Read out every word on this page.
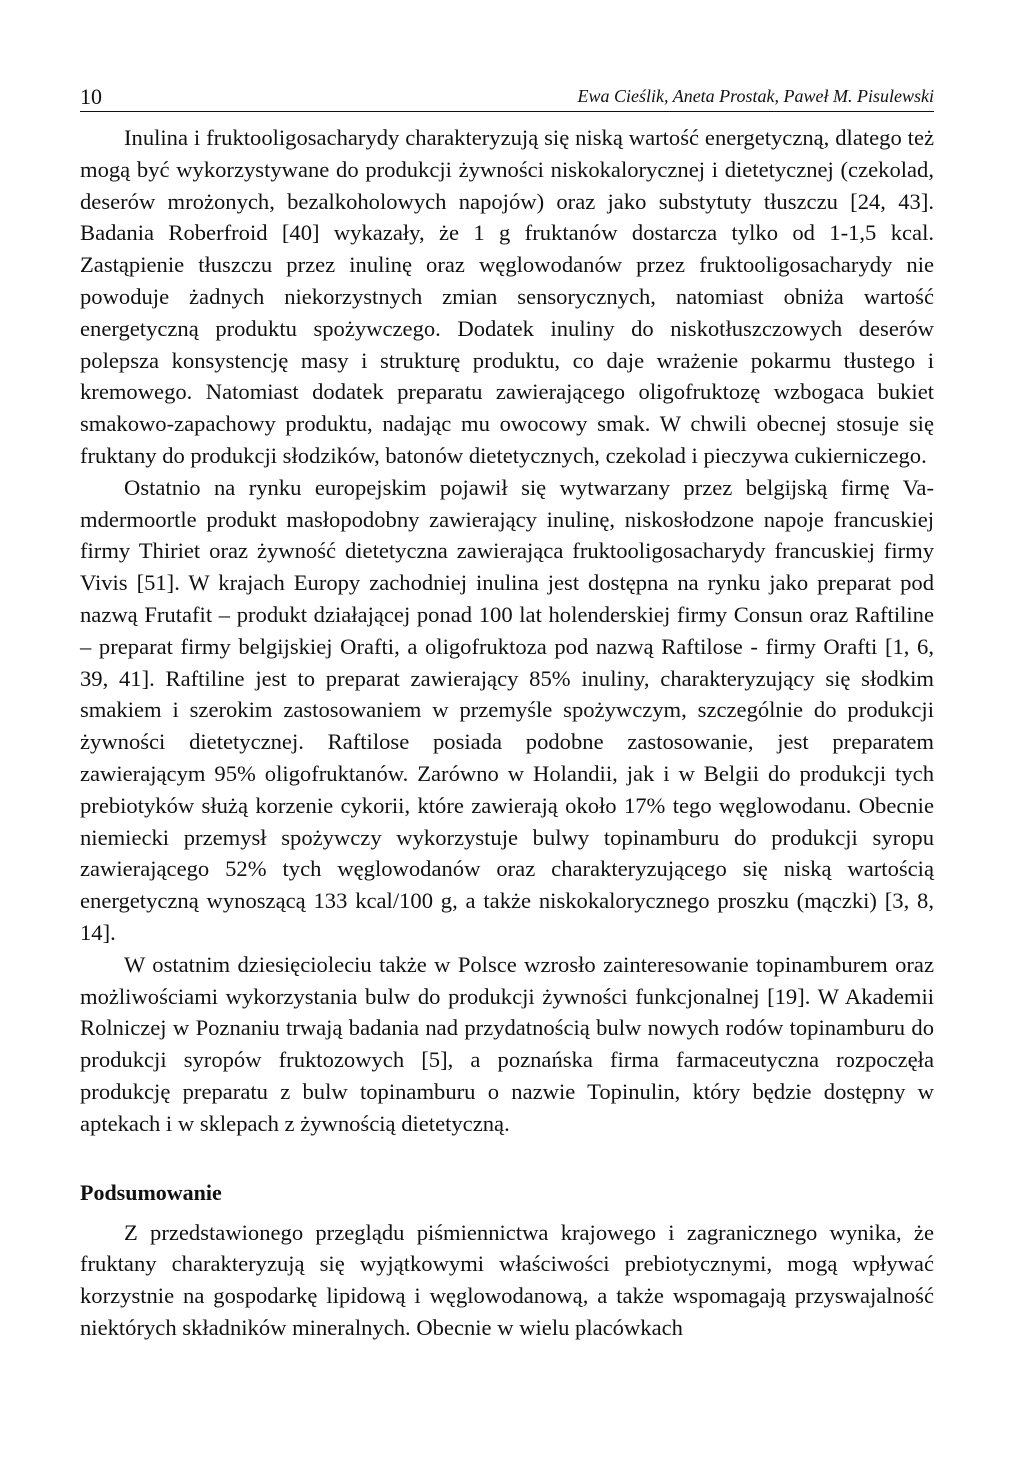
10	Ewa Cieślik, Aneta Prostak, Paweł M. Pisulewski

Inulina i fruktooligosacharydy charakteryzują się niską wartość energetyczną, dlatego też mogą być wykorzystywane do produkcji żywności niskokalorycznej i dietetycznej (czekolad, deserów mrożonych, bezalkoholowych napojów) oraz jako substytuty tłuszczu [24, 43]. Badania Roberfroid [40] wykazały, że 1 g fruktanów dostarcza tylko od 1-1,5 kcal. Zastąpienie tłuszczu przez inulinę oraz węglowodanów przez fruktooligosacharydy nie powoduje żadnych niekorzystnych zmian sensorycznych, natomiast obniża wartość energetyczną produktu spożywczego. Dodatek inuliny do niskotłuszczowych deserów polepsza konsystencję masy i strukturę produktu, co daje wrażenie pokarmu tłustego i kremowego. Natomiast dodatek preparatu zawierającego oligofruktozę wzbogaca bukiet smakowo-zapachowy produktu, nadając mu owocowy smak. W chwili obecnej stosuje się fruktany do produkcji słodzików, batonów dietetycznych, czekolad i pieczywa cukierniczego.

Ostatnio na rynku europejskim pojawił się wytwarzany przez belgijską firmę Vamdermoortle produkt masłopodobny zawierający inulinę, niskosłodzone napoje francuskiej firmy Thiriet oraz żywność dietetyczna zawierająca fruktooligosacharydy francuskiej firmy Vivis [51]. W krajach Europy zachodniej inulina jest dostępna na rynku jako preparat pod nazwą Frutafit – produkt działającej ponad 100 lat holenderskiej firmy Consun oraz Raftiline – preparat firmy belgijskiej Orafti, a oligofruktoza pod nazwą Raftilose - firmy Orafti [1, 6, 39, 41]. Raftiline jest to preparat zawierający 85% inuliny, charakteryzujący się słodkim smakiem i szerokim zastosowaniem w przemyśle spożywczym, szczególnie do produkcji żywności dietetycznej. Raftilose posiada podobne zastosowanie, jest preparatem zawierającym 95% oligofruktanów. Zarówno w Holandii, jak i w Belgii do produkcji tych prebiotyków służą korzenie cykorii, które zawierają około 17% tego węglowodanu. Obecnie niemiecki przemysł spożywczy wykorzystuje bulwy topinamburu do produkcji syropu zawierającego 52% tych węglowodanów oraz charakteryzującego się niską wartością energetyczną wynoszącą 133 kcal/100 g, a także niskokalorycznego proszku (mączki) [3, 8, 14].

W ostatnim dziesięcioleciu także w Polsce wzrosło zainteresowanie topinamburem oraz możliwościami wykorzystania bulw do produkcji żywności funkcjonalnej [19]. W Akademii Rolniczej w Poznaniu trwają badania nad przydatnością bulw nowych rodów topinamburu do produkcji syropów fruktozowych [5], a poznańska firma farmaceutyczna rozpoczęła produkcję preparatu z bulw topinamburu o nazwie Topinulin, który będzie dostępny w aptekach i w sklepach z żywnością dietetyczną.

Podsumowanie

Z przedstawionego przeglądu piśmiennictwa krajowego i zagranicznego wynika, że fruktany charakteryzują się wyjątkowymi właściwości prebiotycznymi, mogą wpływać korzystnie na gospodarkę lipidową i węglowodanową, a także wspomagają przyswajalność niektórych składników mineralnych. Obecnie w wielu placówkach
